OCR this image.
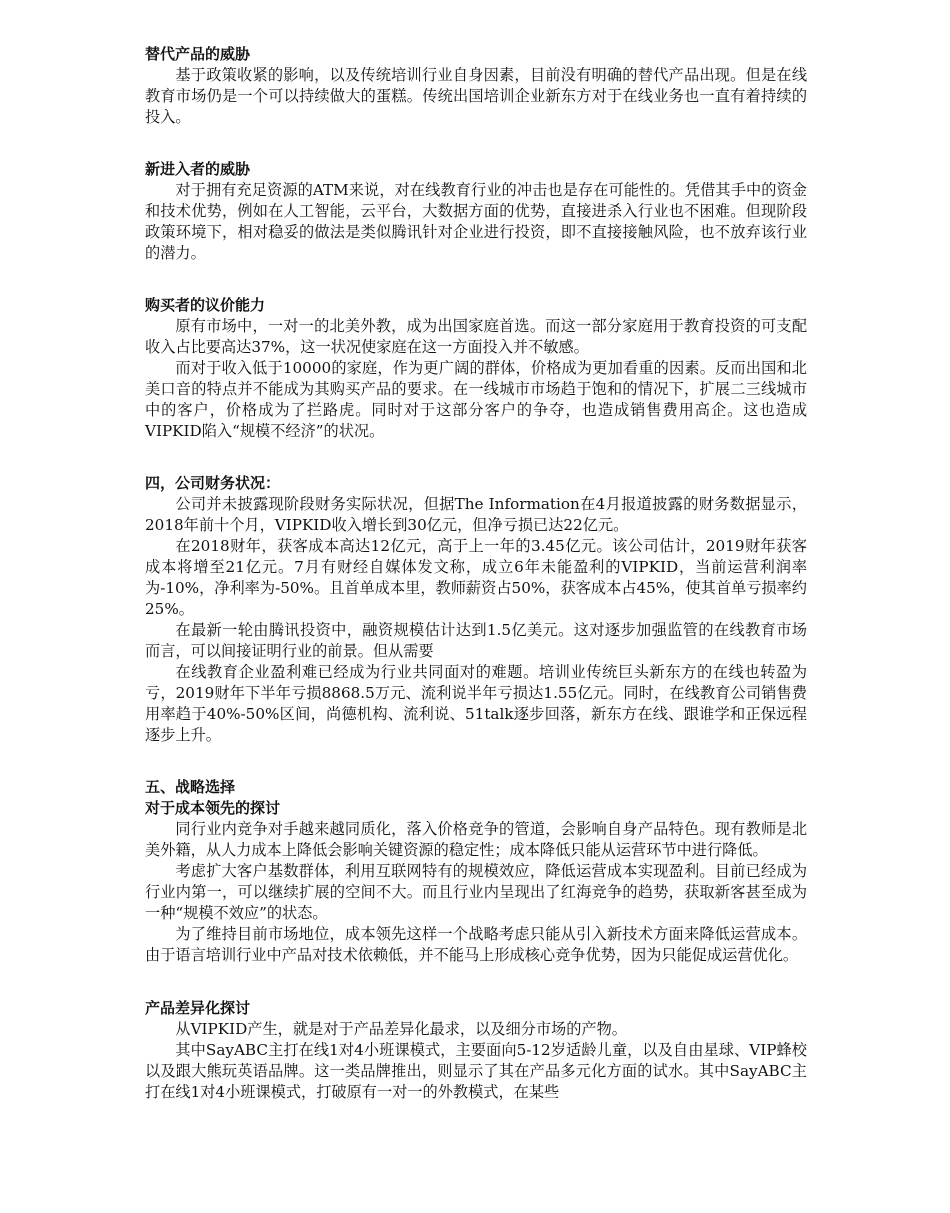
替代产品的威胁

基于政策收紧的影响，以及传统培训行业自身因素，目前没有明确的替代产品出现。但是在线教育市场仍是一个可以持续做大的蛋糕。传统出国培训企业新东方对于在线业务也一直有着持续的投入。

新进入者的威胁

对于拥有充足资源的ATM来说，对在线教育行业的冲击也是存在可能性的。凭借其手中的资金和技术优势，例如在人工智能，云平台，大数据方面的优势，直接进杀入行业也不困难。但现阶段政策环境下，相对稳妥的做法是类似腾讯针对企业进行投资，即不直接接触风险，也不放弃该行业的潜力。

购买者的议价能力

原有市场中，一对一的北美外教，成为出国家庭首选。而这一部分家庭用于教育投资的可支配收入占比要高达37%，这一状况使家庭在这一方面投入并不敏感。

而对于收入低于10000的家庭，作为更广阔的群体，价格成为更加看重的因素。反而出国和北美口音的特点并不能成为其购买产品的要求。在一线城市市场趋于饱和的情况下，扩展二三线城市中的客户，价格成为了拦路虎。同时对于这部分客户的争夺，也造成销售费用高企。这也造成VIPKID陷入“规模不经济”的状况。

四，公司财务状况：

公司并未披露现阶段财务实际状况，但据The Information在4月报道披露的财务数据显示，2018年前十个月，VIPKID收入增长到30亿元，但净亏损已达22亿元。

在2018财年，获客成本高达12亿元，高于上一年的3.45亿元。该公司估计，2019财年获客成本将增至21亿元。7月有财经自媒体发文称，成立6年未能盈利的VIPKID，当前运营利润率为-10%，净利率为-50%。且首单成本里，教师薪资占50%，获客成本占45%，使其首单亏损率约25%。

在最新一轮由腾讯投资中，融资规模估计达到1.5亿美元。这对逐步加强监管的在线教育市场而言，可以间接证明行业的前景。但从需要

在线教育企业盈利难已经成为行业共同面对的难题。培训业传统巨头新东方的在线也转盈为亏，2019财年下半年亏损8868.5万元、流利说半年亏损达1.55亿元。同时，在线教育公司销售费用率趋于40%-50%区间，尚德机构、流利说、51talk逐步回落，新东方在线、跟谁学和正保远程逐步上升。

五、战略选择
对于成本领先的探讨

同行业内竞争对手越来越同质化，落入价格竞争的管道，会影响自身产品特色。现有教师是北美外籍，从人力成本上降低会影响关键资源的稳定性；成本降低只能从运营环节中进行降低。

考虑扩大客户基数群体，利用互联网特有的规模效应，降低运营成本实现盈利。目前已经成为行业内第一，可以继续扩展的空间不大。而且行业内呈现出了红海竞争的趋势，获取新客甚至成为一种“规模不效应”的状态。

为了维持目前市场地位，成本领先这样一个战略考虑只能从引入新技术方面来降低运营成本。由于语言培训行业中产品对技术依赖低，并不能马上形成核心竞争优势，因为只能促成运营优化。

产品差异化探讨

从VIPKID产生，就是对于产品差异化最求，以及细分市场的产物。

其中SayABC主打在线1对4小班课模式，主要面向5-12岁适龄儿童，以及自由星球、VIP蜂校以及跟大熊玩英语品牌。这一类品牌推出，则显示了其在产品多元化方面的试水。其中SayABC主打在线1对4小班课模式，打破原有一对一的外教模式，在某些
